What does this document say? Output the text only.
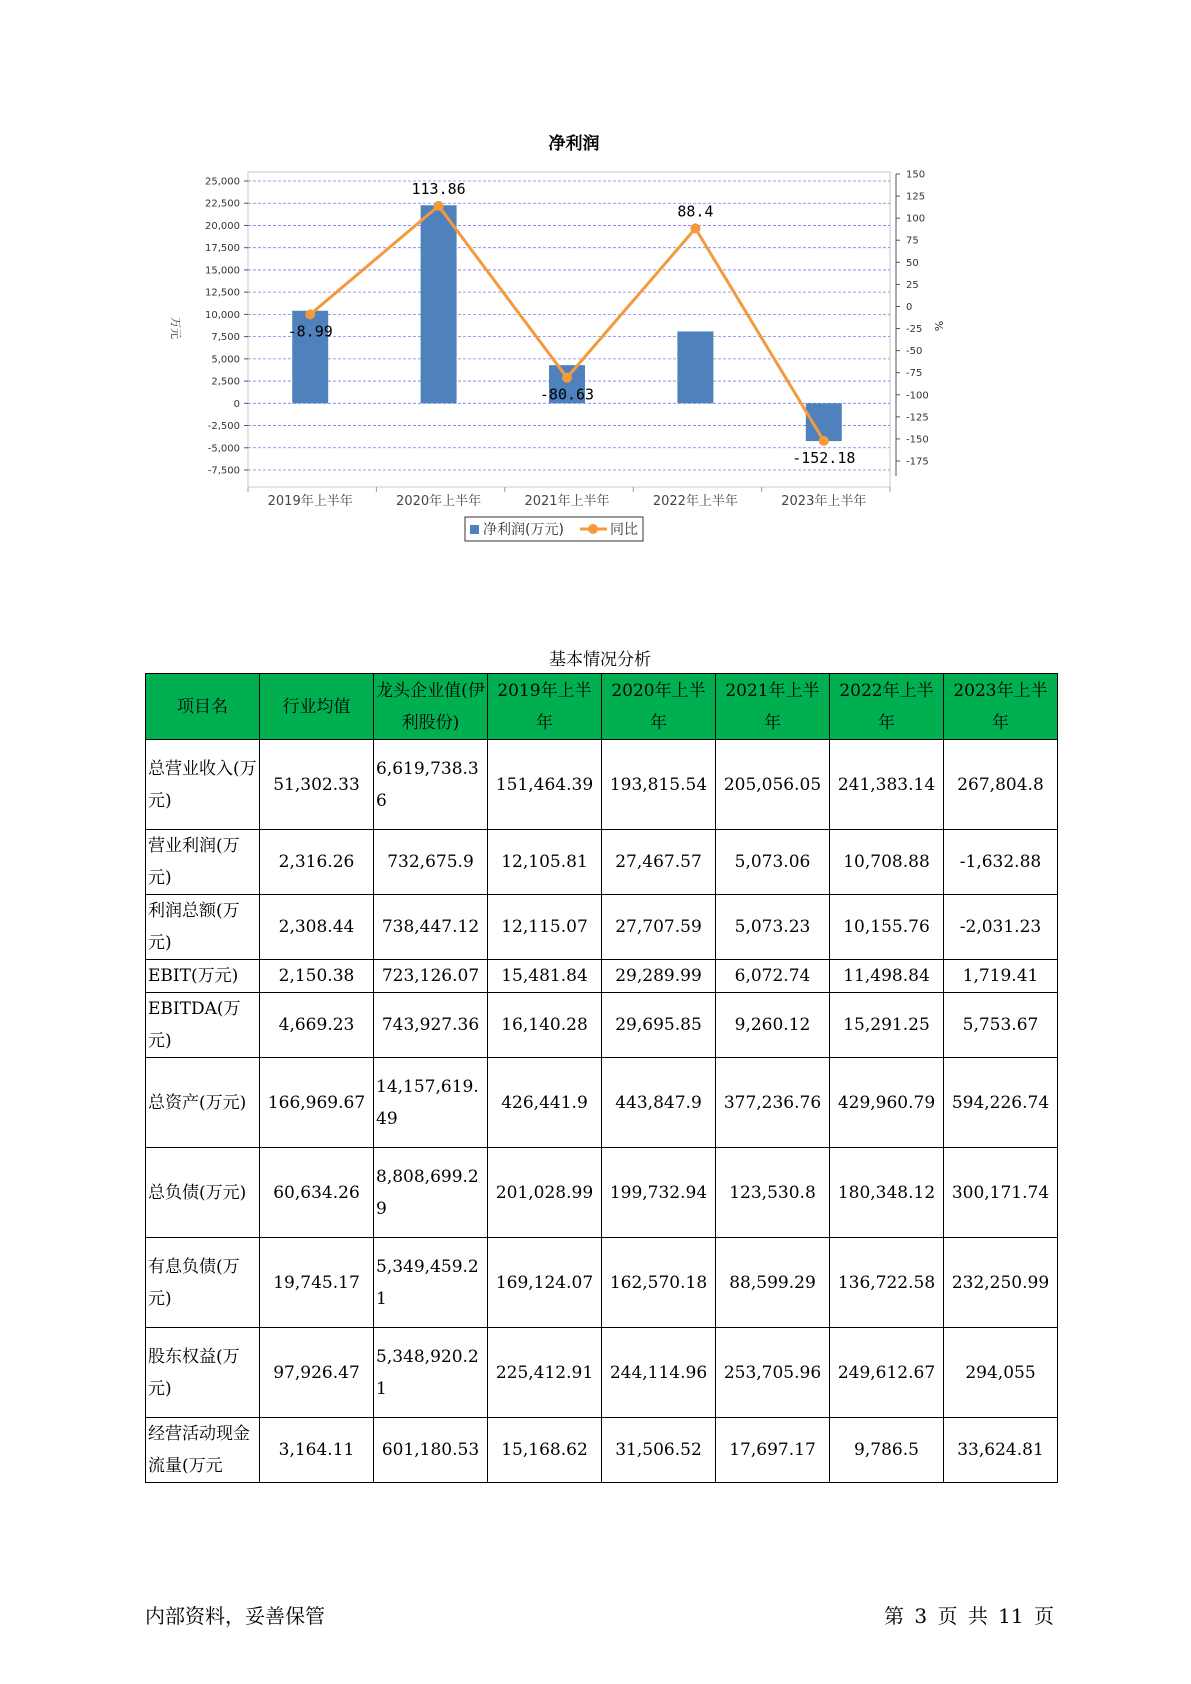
净利润
25,000
22,500
20,000
17,500
15,000
12,500
10,000
7,500
5,000
2,500
0
-2,500
-5,000
-7,500
150
125
100
75
50
25
0
-25
-50
-75
-100
-125
-150
-175
万元	%
2019年上半年	2020年上半年	2021年上半年	2022年上半年	2023年上半年
-8.99
113.86
-80.63
88.4
-152.18
净利润(万元)	同比
基本情况分析
项目名	行业均值	龙头企业值(伊利股份)	2019年上半年	2020年上半年	2021年上半年	2022年上半年	2023年上半年
总营业收入(万元)	51,302.33	6,619,738.36	151,464.39	193,815.54	205,056.05	241,383.14	267,804.8
营业利润(万元)	2,316.26	732,675.9	12,105.81	27,467.57	5,073.06	10,708.88	-1,632.88
利润总额(万元)	2,308.44	738,447.12	12,115.07	27,707.59	5,073.23	10,155.76	-2,031.23
EBIT(万元)	2,150.38	723,126.07	15,481.84	29,289.99	6,072.74	11,498.84	1,719.41
EBITDA(万元)	4,669.23	743,927.36	16,140.28	29,695.85	9,260.12	15,291.25	5,753.67
总资产(万元)	166,969.67	14,157,619.49	426,441.9	443,847.9	377,236.76	429,960.79	594,226.74
总负债(万元)	60,634.26	8,808,699.29	201,028.99	199,732.94	123,530.8	180,348.12	300,171.74
有息负债(万元)	19,745.17	5,349,459.21	169,124.07	162,570.18	88,599.29	136,722.58	232,250.99
股东权益(万元)	97,926.47	5,348,920.21	225,412.91	244,114.96	253,705.96	249,612.67	294,055
经营活动现金流量(万元	3,164.11	601,180.53	15,168.62	31,506.52	17,697.17	9,786.5	33,624.81
内部资料，妥善保管	第 3 页 共 11 页
